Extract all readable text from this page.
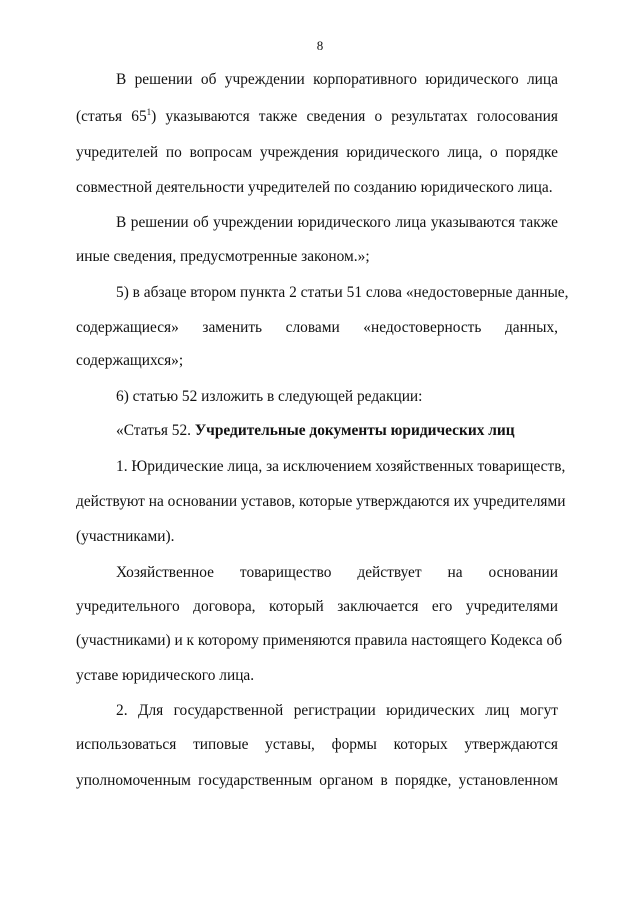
8
В решении об учреждении корпоративного юридического лица
(статья $65^1$) указываются также сведения о результатах голосования
учредителей по вопросам учреждения юридического лица, о порядке
совместной деятельности учредителей по созданию юридического лица.
В решении об учреждении юридического лица указываются также
иные сведения, предусмотренные законом.»;
5) в абзаце втором пункта 2 статьи 51 слова «недостоверные данные,
содержащиеся» заменить словами «недостоверность данных,
содержащихся»;
6) статью 52 изложить в следующей редакции:
«Статья 52. Учредительные документы юридических лиц
1. Юридические лица, за исключением хозяйственных товариществ,
действуют на основании уставов, которые утверждаются их учредителями
(участниками).
Хозяйственное товарищество действует на основании
учредительного договора, который заключается его учредителями
(участниками) и к которому применяются правила настоящего Кодекса об
уставе юридического лица.
2. Для государственной регистрации юридических лиц могут
использоваться типовые уставы, формы которых утверждаются
уполномоченным государственным органом в порядке, установленном
